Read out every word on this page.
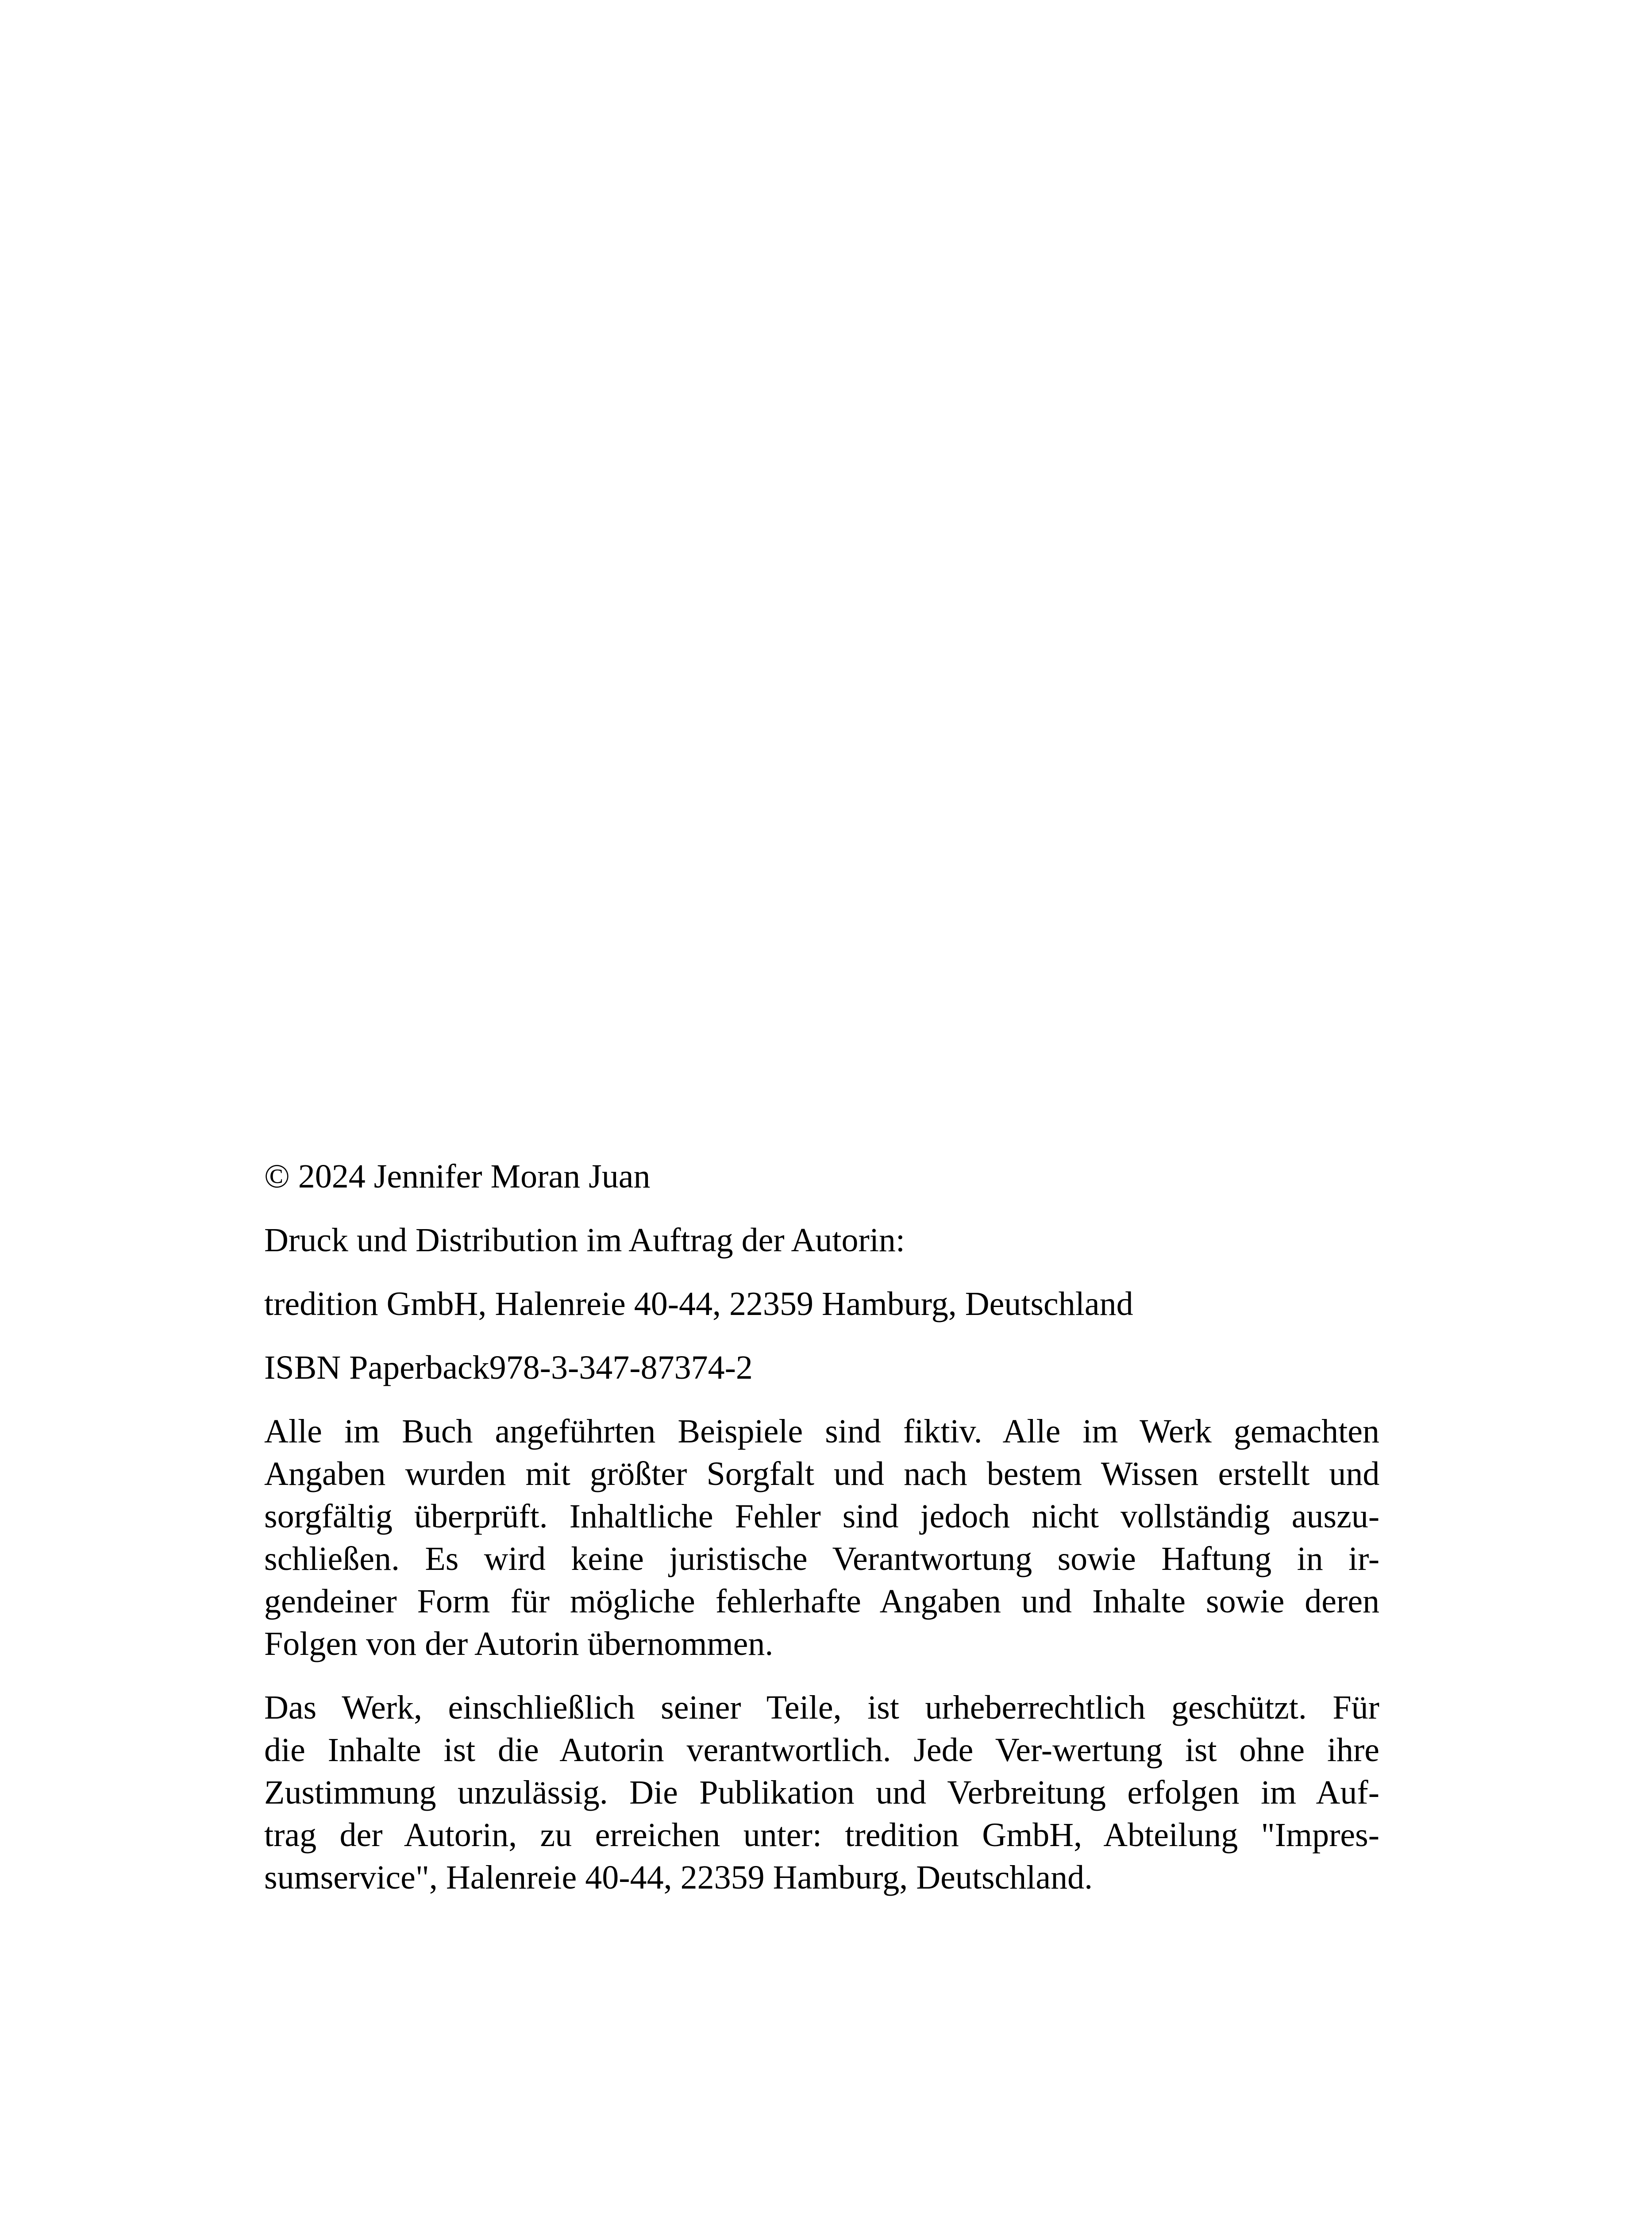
© 2024 Jennifer Moran Juan
Druck und Distribution im Auftrag der Autorin:
tredition GmbH, Halenreie 40-44, 22359 Hamburg, Deutschland
ISBN Paperback978-3-347-87374-2
Alle im Buch angeführten Beispiele sind fiktiv. Alle im Werk gemachten
Angaben wurden mit größter Sorgfalt und nach bestem Wissen erstellt und
sorgfältig überprüft. Inhaltliche Fehler sind jedoch nicht vollständig auszu-
schließen. Es wird keine juristische Verantwortung sowie Haftung in ir-
gendeiner Form für mögliche fehlerhafte Angaben und Inhalte sowie deren
Folgen von der Autorin übernommen.
Das Werk, einschließlich seiner Teile, ist urheberrechtlich geschützt. Für
die Inhalte ist die Autorin verantwortlich. Jede Ver-wertung ist ohne ihre
Zustimmung unzulässig. Die Publikation und Verbreitung erfolgen im Auf-
trag der Autorin, zu erreichen unter: tredition GmbH, Abteilung "Impres-
sumservice", Halenreie 40-44, 22359 Hamburg, Deutschland.
